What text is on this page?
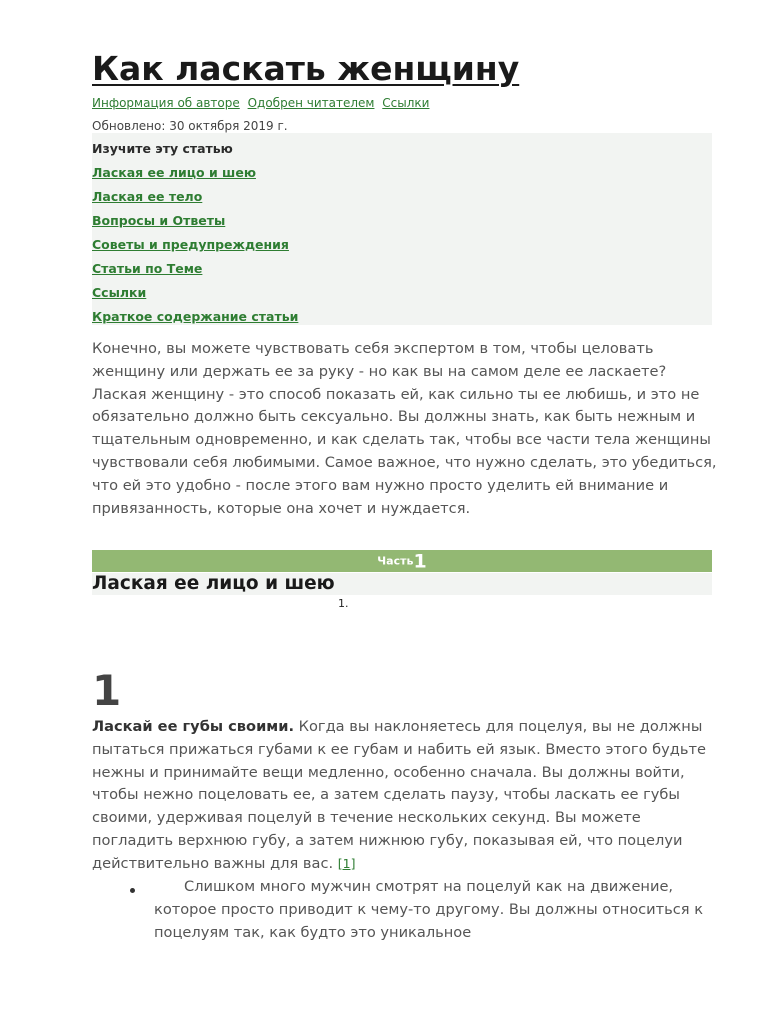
Как ласкать женщину
Информация об авторе Одобрен читателем Ссылки
Обновлено: 30 октября 2019 г.
Изучите эту статью
Лаская ее лицо и шею
Лаская ее тело
Вопросы и Ответы
Советы и предупреждения
Статьи по Теме
Ссылки
Краткое содержание статьи

Конечно, вы можете чувствовать себя экспертом в том, чтобы целовать женщину или держать ее за руку - но как вы на самом деле ее ласкаете? Лаская женщину - это способ показать ей, как сильно ты ее любишь, и это не обязательно должно быть сексуально. Вы должны знать, как быть нежным и тщательным одновременно, и как сделать так, чтобы все части тела женщины чувствовали себя любимыми. Самое важное, что нужно сделать, это убедиться, что ей это удобно - после этого вам нужно просто уделить ей внимание и привязанность, которые она хочет и нуждается.

Часть1
Лаская ее лицо и шею
1.
1

Ласкай ее губы своими. Когда вы наклоняетесь для поцелуя, вы не должны пытаться прижаться губами к ее губам и набить ей язык. Вместо этого будьте нежны и принимайте вещи медленно, особенно сначала. Вы должны войти, чтобы нежно поцеловать ее, а затем сделать паузу, чтобы ласкать ее губы своими, удерживая поцелуй в течение нескольких секунд. Вы можете погладить верхнюю губу, а затем нижнюю губу, показывая ей, что поцелуи действительно важны для вас. [1]

Слишком много мужчин смотрят на поцелуй как на движение, которое просто приводит к чему-то другому. Вы должны относиться к поцелуям так, как будто это уникальное
